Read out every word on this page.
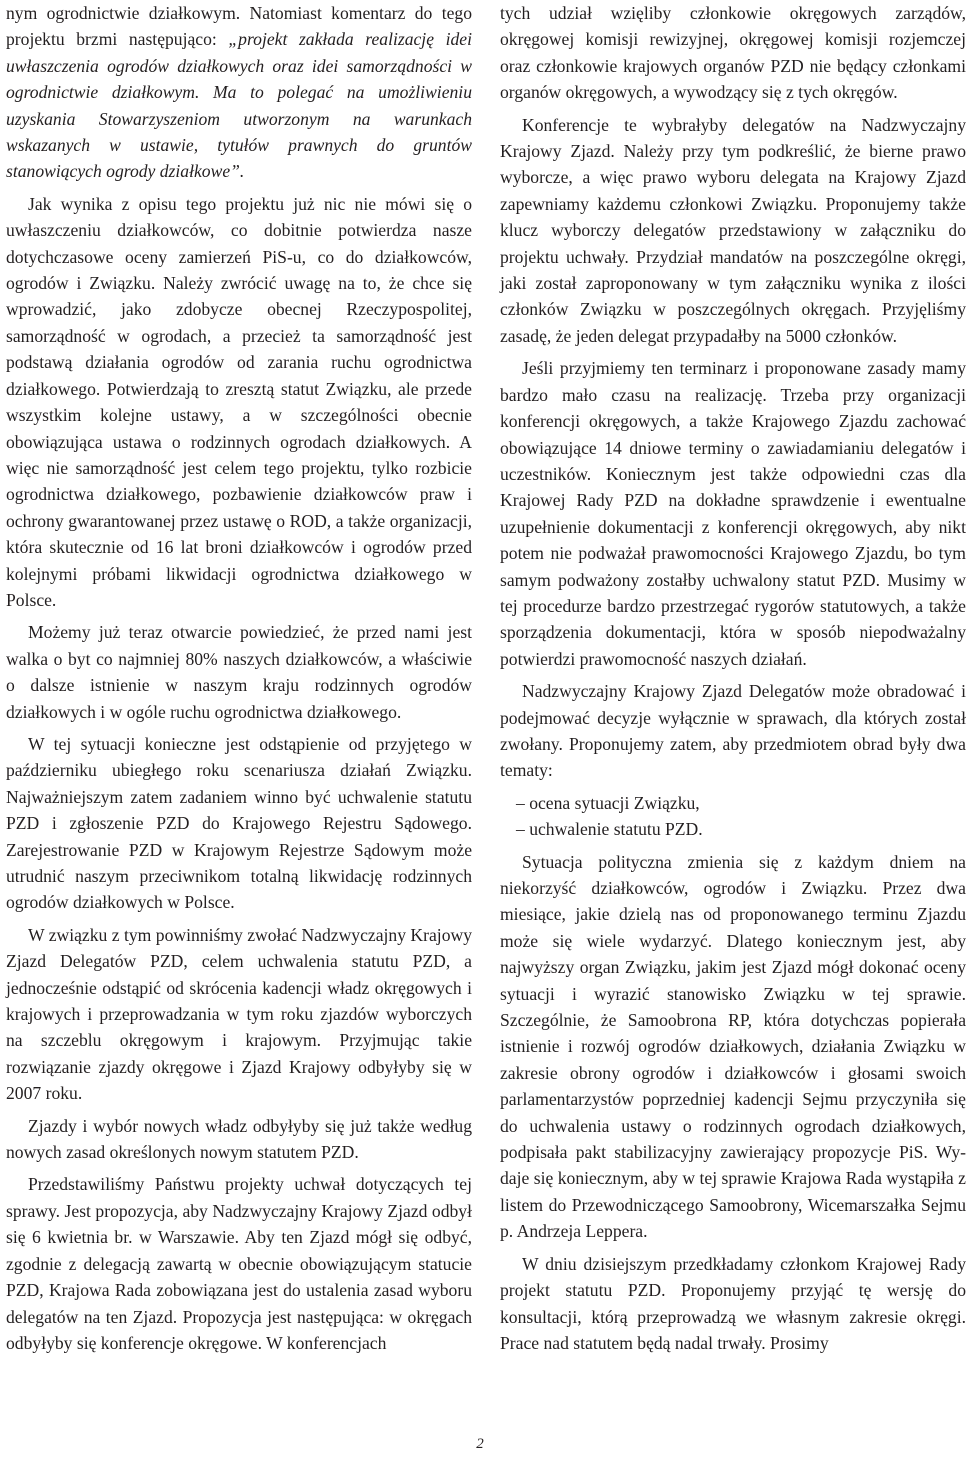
nym ogrodnictwie działkowym. Natomiast komentarz do tego projektu brzmi następująco: „projekt zakłada realizację idei uwłaszczenia ogrodów działkowych oraz idei samorządności w ogrodnictwie działkowym. Ma to polegać na umożliwieniu uzyskania Stowarzyszeniom utworzonym na warunkach wskazanych w ustawie, tytułów prawnych do gruntów stanowiących ogrody działkowe”.

Jak wynika z opisu tego projektu już nic nie mówi się o uwłaszczeniu działkowców, co dobitnie potwierdza nasze dotychczasowe oceny zamierzeń PiS-u, co do działkowców, ogrodów i Związku. Należy zwrócić uwagę na to, że chce się wprowadzić, jako zdobycze obecnej Rzeczypospolitej, samorządność w ogrodach, a przecież ta samorządność jest podstawą działania ogrodów od zarania ruchu ogrodnictwa działkowego. Potwierdzają to zresztą statut Związku, ale przede wszystkim kolejne ustawy, a w szczególności obecnie obowiązująca ustawa o rodzinnych ogrodach działkowych. A więc nie samorządność jest celem tego projektu, tylko rozbicie ogrodnictwa działkowego, pozbawienie działkowców praw i ochrony gwarantowanej przez ustawę o ROD, a także organizacji, która skutecznie od 16 lat broni działkowców i ogrodów przed kolejnymi próbami likwidacji ogrodnictwa działkowego w Polsce.

Możemy już teraz otwarcie powiedzieć, że przed nami jest walka o byt co najmniej 80% naszych działkowców, a właściwie o dalsze istnienie w naszym kraju rodzinnych ogrodów działkowych i w ogóle ruchu ogrodnictwa działkowego.

W tej sytuacji konieczne jest odstąpienie od przyjętego w październiku ubiegłego roku scenariusza działań Związku. Najważniejszym zatem zadaniem winno być uchwalenie statutu PZD i zgłoszenie PZD do Krajowego Rejestru Sądowego. Zarejestrowanie PZD w Krajowym Rejestrze Sądowym może utrudnić naszym przeciwnikom totalną likwidację rodzinnych ogrodów działkowych w Polsce.

W związku z tym powinniśmy zwołać Nadzwyczajny Krajowy Zjazd Delegatów PZD, celem uchwalenia statutu PZD, a jednocześnie odstąpić od skrócenia kadencji władz okręgowych i krajowych i przeprowadzania w tym roku zjazdów wyborczych na szczeblu okręgowym i krajowym. Przyjmując takie rozwiązanie zjazdy okręgowe i Zjazd Krajowy odbyłyby się w 2007 roku.

Zjazdy i wybór nowych władz odbyłyby się już także według nowych zasad określonych nowym statutem PZD.

Przedstawiliśmy Państwu projekty uchwał dotyczących tej sprawy. Jest propozycja, aby Nadzwyczajny Krajowy Zjazd odbył się 6 kwietnia br. w Warszawie. Aby ten Zjazd mógł się odbyć, zgodnie z delegacją zawartą w obecnie obowiązującym statucie PZD, Krajowa Rada zobowiązana jest do ustalenia zasad wyboru delegatów na ten Zjazd. Propozycja jest następująca: w okręgach odbyłyby się konferencje okręgowe. W konferencjach

tych udział wzięliby członkowie okręgowych zarządów, okręgowej komisji rewizyjnej, okręgowej komisji rozjemczej oraz członkowie krajowych organów PZD nie będący członkami organów okręgowych, a wywodzący się z tych okręgów.

Konferencje te wybrałyby delegatów na Nadzwyczajny Krajowy Zjazd. Należy przy tym podkreślić, że bierne prawo wyborcze, a więc prawo wyboru delegata na Krajowy Zjazd zapewniamy każdemu członkowi Związku. Proponujemy także klucz wyborczy delegatów przedstawiony w załączniku do projektu uchwały. Przydział mandatów na poszczególne okręgi, jaki został zaproponowany w tym załączniku wynika z ilości członków Związku w poszczególnych okręgach. Przyjęliśmy zasadę, że jeden delegat przypadałby na 5000 członków.

Jeśli przyjmiemy ten terminarz i proponowane zasady mamy bardzo mało czasu na realizację. Trzeba przy organizacji konferencji okręgowych, a także Krajowego Zjazdu zachować obowiązujące 14 dniowe terminy o zawiadamianiu delegatów i uczestników. Koniecznym jest także odpowiedni czas dla Krajowej Rady PZD na dokładne sprawdzenie i ewentualne uzupełnienie dokumentacji z konferencji okręgowych, aby nikt potem nie podważał prawomocności Krajowego Zjazdu, bo tym samym podważony zostałby uchwalony statut PZD. Musimy w tej procedurze bardzo przestrzegać rygorów statutowych, a także sporządzenia dokumentacji, która w sposób niepodważalny potwierdzi prawomocność naszych działań.

Nadzwyczajny Krajowy Zjazd Delegatów może obradować i podejmować decyzje wyłącznie w sprawach, dla których został zwołany. Proponujemy zatem, aby przedmiotem obrad były dwa tematy:

– ocena sytuacji Związku,

– uchwalenie statutu PZD.

Sytuacja polityczna zmienia się z każdym dniem na niekorzyść działkowców, ogrodów i Związku. Przez dwa miesiące, jakie dzielą nas od proponowanego terminu Zjazdu może się wiele wydarzyć. Dlatego koniecznym jest, aby najwyższy organ Związku, jakim jest Zjazd mógł dokonać oceny sytuacji i wyrazić stanowisko Związku w tej sprawie. Szczególnie, że Samoobrona RP, która dotychczas popierała istnienie i rozwój ogrodów działkowych, działania Związku w zakresie obrony ogrodów i działkowców i głosami swoich parlamentarzystów poprzedniej kadencji Sejmu przyczyniła się do uchwalenia ustawy o rodzinnych ogrodach działkowych, podpisała pakt stabilizacyjny zawierający propozycje PiS. Wydaje się koniecznym, aby w tej sprawie Krajowa Rada wystąpiła z listem do Przewodniczącego Samoobrony, Wicemarszałka Sejmu p. Andrzeja Leppera.

W dniu dzisiejszym przedkładamy członkom Krajowej Rady projekt statutu PZD. Proponujemy przyjąć tę wersję do konsultacji, którą przeprowadzą we własnym zakresie okręgi. Prace nad statutem będą nadal trwały. Prosimy

2
